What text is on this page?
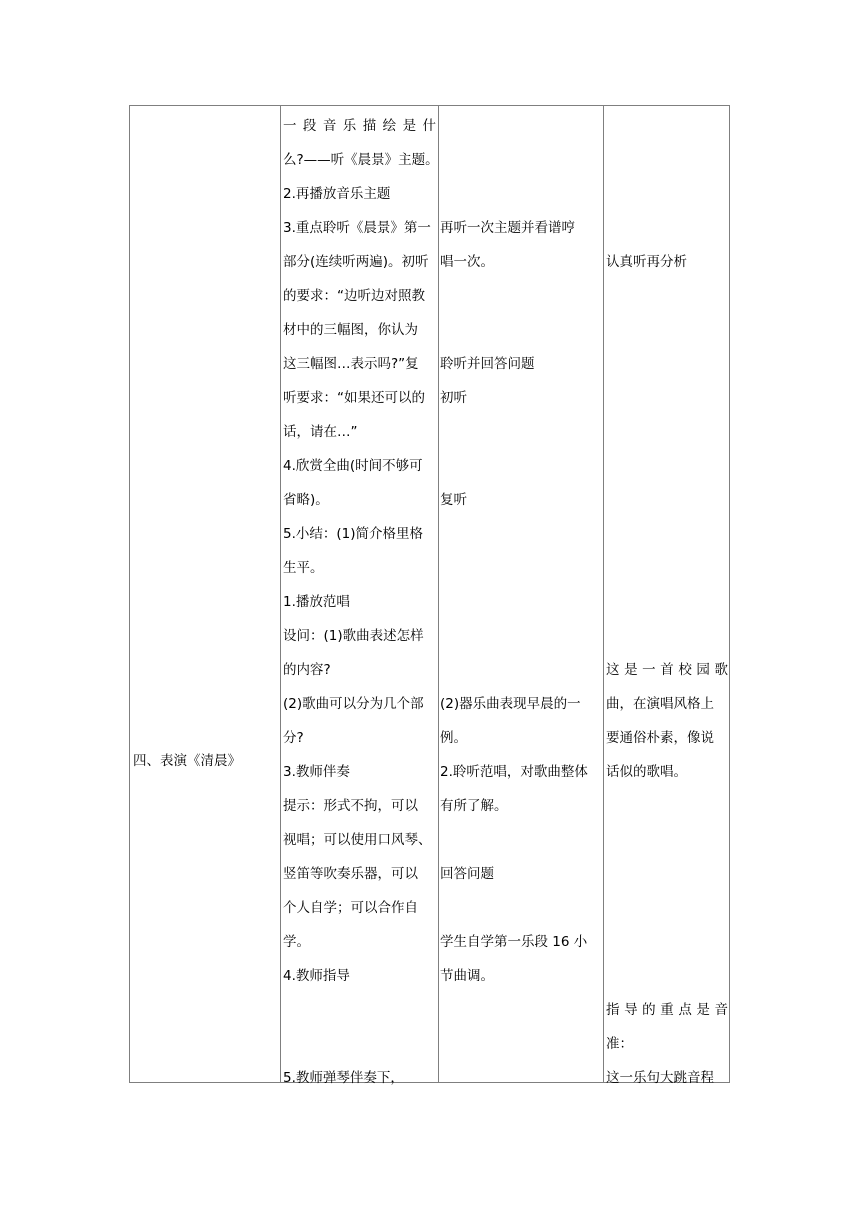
四、表演《清晨》
一 段 音 乐 描 绘 是 什
么?——听《晨景》主题。
2.再播放音乐主题
3.重点聆听《晨景》第一
部分(连续听两遍)。初听
的要求：“边听边对照教
材中的三幅图，你认为
这三幅图…表示吗?”复
听要求：“如果还可以的
话，请在…”
4.欣赏全曲(时间不够可
省略)。
5.小结：(1)简介格里格
生平。
1.播放范唱
设问：(1)歌曲表述怎样
的内容?
(2)歌曲可以分为几个部
分?
3.教师伴奏
提示：形式不拘，可以
视唱；可以使用口风琴、
竖笛等吹奏乐器，可以
个人自学；可以合作自
学。
4.教师指导
5.教师弹琴伴奏下，
再听一次主题并看谱哼
唱一次。
聆听并回答问题
初听
复听
(2)器乐曲表现早晨的一
例。
2.聆听范唱，对歌曲整体
有所了解。
回答问题
学生自学第一乐段 16 小
节曲调。
认真听再分析
这 是 一 首 校 园 歌
曲，在演唱风格上
要通俗朴素，像说
话似的歌唱。
指 导 的 重 点 是 音
准：
这一乐句大跳音程
